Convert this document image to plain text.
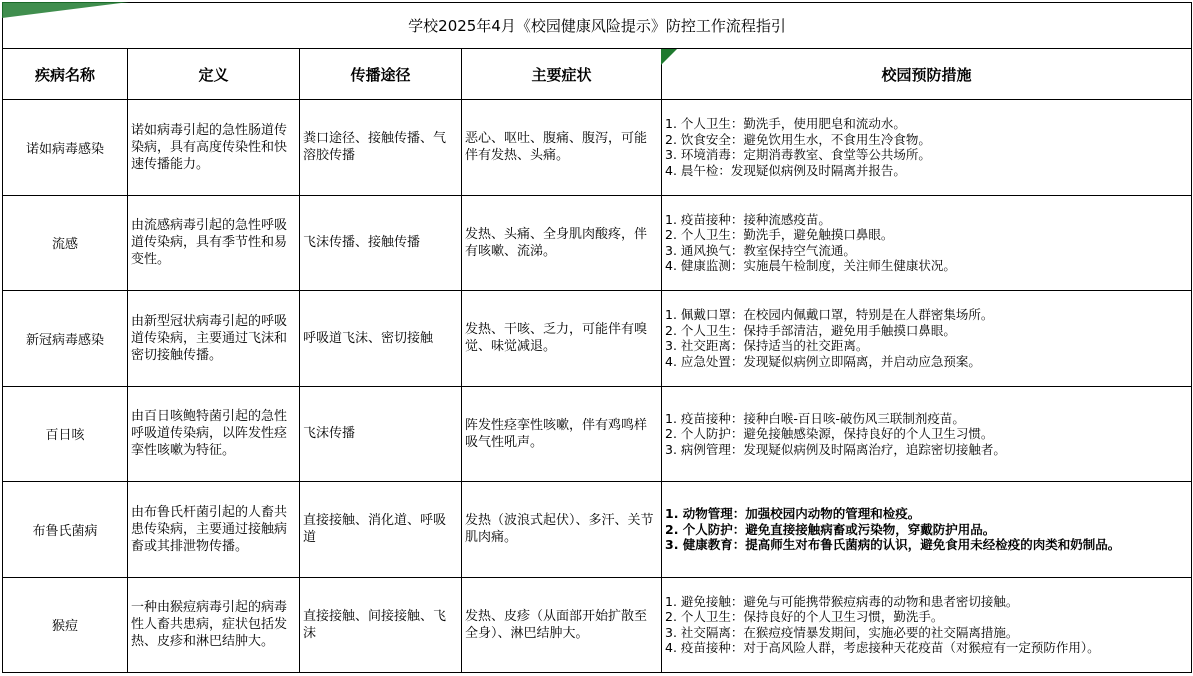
学校2025年4月《校园健康风险提示》防控工作流程指引				
疾病名称	定义	传播途径	主要症状	校园预防措施
诺如病毒感染	诺如病毒引起的急性肠道传染病，具有高度传染性和快速传播能力。	粪口途径、接触传播、气溶胶传播	恶心、呕吐、腹痛、腹泻，可能伴有发热、头痛。	1. 个人卫生：勤洗手，使用肥皂和流动水。
2. 饮食安全：避免饮用生水，不食用生冷食物。
3. 环境消毒：定期消毒教室、食堂等公共场所。
4. 晨午检：发现疑似病例及时隔离并报告。

流感	由流感病毒引起的急性呼吸道传染病，具有季节性和易变性。	飞沫传播、接触传播	发热、头痛、全身肌肉酸疼，伴有咳嗽、流涕。	1. 疫苗接种：接种流感疫苗。
2. 个人卫生：勤洗手，避免触摸口鼻眼。
3. 通风换气：教室保持空气流通。
4. 健康监测：实施晨午检制度，关注师生健康状况。

新冠病毒感染	由新型冠状病毒引起的呼吸道传染病，主要通过飞沫和密切接触传播。	呼吸道飞沫、密切接触	发热、干咳、乏力，可能伴有嗅觉、味觉减退。	1. 佩戴口罩：在校园内佩戴口罩，特别是在人群密集场所。
2. 个人卫生：保持手部清洁，避免用手触摸口鼻眼。
3. 社交距离：保持适当的社交距离。
4. 应急处置：发现疑似病例立即隔离，并启动应急预案。

百日咳	由百日咳鲍特菌引起的急性呼吸道传染病，以阵发性痉挛性咳嗽为特征。	飞沫传播	阵发性痉挛性咳嗽，伴有鸡鸣样吸气性吼声。	1. 疫苗接种：接种白喉-百日咳-破伤风三联制剂疫苗。
2. 个人防护：避免接触感染源，保持良好的个人卫生习惯。
3. 病例管理：发现疑似病例及时隔离治疗，追踪密切接触者。

布鲁氏菌病	由布鲁氏杆菌引起的人畜共患传染病，主要通过接触病畜或其排泄物传播。	直接接触、消化道、呼吸道	发热（波浪式起伏）、多汗、关节肌肉痛。	1. 动物管理：加强校园内动物的管理和检疫。
2. 个人防护：避免直接接触病畜或污染物，穿戴防护用品。
3. 健康教育：提高师生对布鲁氏菌病的认识，避免食用未经检疫的肉类和奶制品。

猴痘	一种由猴痘病毒引起的病毒性人畜共患病，症状包括发热、皮疹和淋巴结肿大。	直接接触、间接接触、飞沫	发热、皮疹（从面部开始扩散至全身）、淋巴结肿大。	1. 避免接触：避免与可能携带猴痘病毒的动物和患者密切接触。
2. 个人卫生：保持良好的个人卫生习惯，勤洗手。
3. 社交隔离：在猴痘疫情暴发期间，实施必要的社交隔离措施。
4. 疫苗接种：对于高风险人群，考虑接种天花疫苗（对猴痘有一定预防作用）。
